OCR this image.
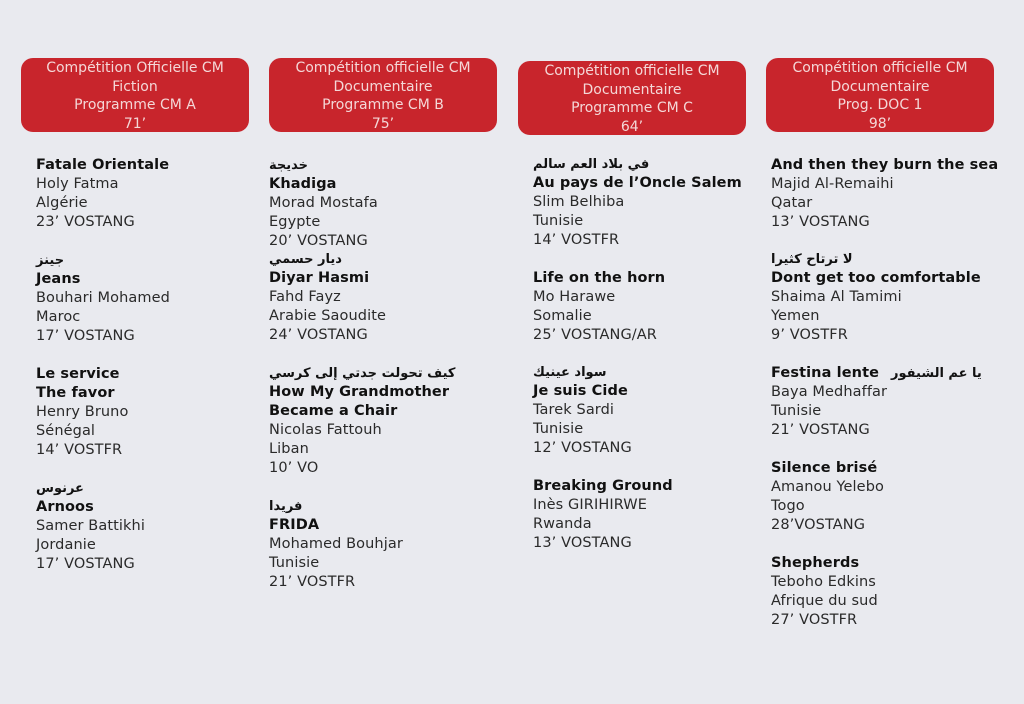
Compétition Officielle CM
Fiction
Programme CM A
71’
Fatale Orientale
Holy Fatma
Algérie
23’ VOSTANG
جينز
Jeans
Bouhari Mohamed
Maroc
17’ VOSTANG
Le service
The favor
Henry Bruno
Sénégal
14’ VOSTFR
عرنوس
Arnoos
Samer Battikhi
Jordanie
17’ VOSTANG
Compétition officielle CM
Documentaire
Programme CM B
75’
خديجة
Khadiga
Morad Mostafa
Egypte
20’ VOSTANG
ديار حسمي
Diyar Hasmi
Fahd Fayz
Arabie Saoudite
24’ VOSTANG
كيف تحولت جدتي إلى كرسي
How My Grandmother
Became a Chair
Nicolas Fattouh
Liban
10’ VO
فريدا
FRIDA
Mohamed Bouhjar
Tunisie
21’ VOSTFR
Compétition officielle CM
Documentaire
Programme CM C
64’
في بلاد العم سالم
Au pays de l’Oncle Salem
Slim Belhiba
Tunisie
14’ VOSTFR
Life on the horn
Mo Harawe
Somalie
25’ VOSTANG/AR
سواد عينيك
Je suis Cide
Tarek Sardi
Tunisie
12’ VOSTANG
Breaking Ground
Inès GIRIHIRWE
Rwanda
13’ VOSTANG
Compétition officielle CM
Documentaire
Prog. DOC 1
98’
And then they burn the sea
Majid Al-Remaihi
Qatar
13’ VOSTANG
لا ترتاح كثيرا
Dont get too comfortable
Shaima Al Tamimi
Yemen
9’ VOSTFR
Festina lente يا عم الشيفور
Baya Medhaffar
Tunisie
21’ VOSTANG
Silence brisé
Amanou Yelebo
Togo
28’VOSTANG
Shepherds
Teboho Edkins
Afrique du sud
27’ VOSTFR
